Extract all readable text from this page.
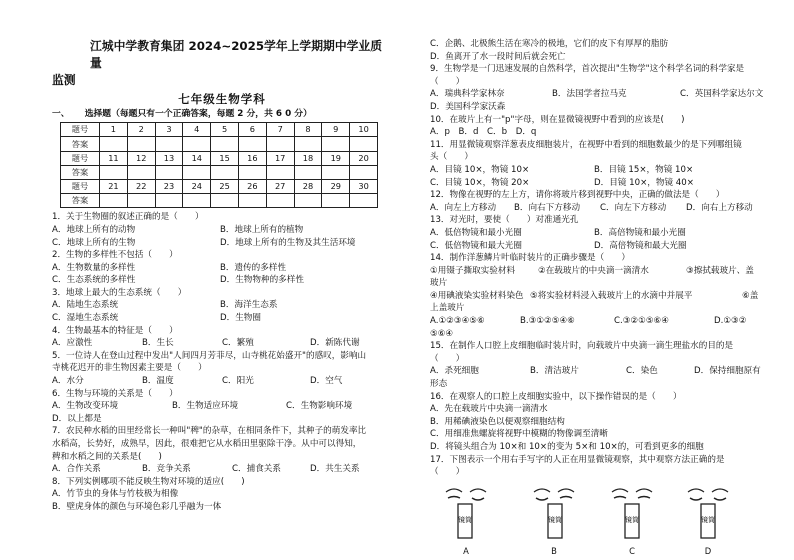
江城中学教育集团 2024~2025学年上学期期中学业质量
监测
七年级生物学科
一、 选择题（每题只有一个正确答案，每题 2 分，共 6 0 分）
题号	1	2	3	4	5	6	7	8	9	10
答案										
题号	11	12	13	14	15	16	17	18	19	20
答案										
题号	21	22	23	24	25	26	27	28	29	30
答案										
1．关于生物圈的叙述正确的是（　　）
A．地球上所有的动物	B．地球上所有的植物
C．地球上所有的生物	D．地球上所有的生物及其生活环境
2．生物的多样性不包括（　　）
A．生物数量的多样性	B．遗传的多样性
C．生态系统的多样性	D．生物物种的多样性
3．地球上最大的生态系统（　　）
A．陆地生态系统	B．海洋生态系
C．湿地生态系统	D．生物圈
4．生物最基本的特征是（　　）
A．应激性	B．生长	C．繁殖	D．新陈代谢
5．一位诗人在登山过程中发出"人间四月芳菲尽，山寺桃花始盛开"的感叹，影响山
寺桃花迟开的非生物因素主要是（　　）
A．水分	B．温度	C．阳光	D．空气
6．生物与环境的关系是（　　）
A．生物改变环境	B．生物适应环境	C．生物影响环境
D．以上都是
7．农民种水稻的田里经常长一种叫"稗"的杂草，在相同条件下，其种子的萌发率比
水稻高，长势好，成熟早，因此，很难把它从水稻田里驱除干净。从中可以得知，
稗和水稻之间的关系是(　　)
A．合作关系	B．竞争关系	C．捕食关系	D．共生关系
8．下列实例哪项不能反映生物对环境的适应(　　)
A．竹节虫的身体与竹枝极为相像
B．壁虎身体的颜色与环境色彩几乎融为一体
C．企鹅、北极熊生活在寒冷的极地，它们的皮下有厚厚的脂肪
D．鱼离开了水一段时间后就会死亡
9．生物学是一门迅速发展的自然科学，首次提出"生物学"这个科学名词的科学家是
（　　）
A．瑞典科学家林奈	B．法国学者拉马克	C．英国科学家达尔文
D．美国科学家沃森
10．在玻片上有一"p"字母，则在显微镜视野中看到的应该是(　　)
A．p　B．d　C．b　D．q
11．用显微镜观察洋葱表皮细胞装片，在视野中看到的细胞数最少的是下列哪组镜
头（　　）
A．目镜 10×，物镜 10×	B．目镜 15×，物镜 10×
C．目镜 10×，物镜 20×	D．目镜 10×，物镜 40×
12．物像在视野的左上方，请你将玻片移到视野中央，正确的做法是（　　）
A．向左上方移动 B．向右下方移动 C．向左下方移动 D．向右上方移动
13．对光时，要使（　　）对准通光孔
A．低倍物镜和最小光圈	B．高倍物镜和最小光圈
C．低倍物镜和最大光圈	D．高倍物镜和最大光圈
14．制作洋葱鳞片叶临时装片的正确步骤是（　　）
①用镊子撕取实验材料	②在载玻片的中央滴一滴清水	③擦拭载玻片、盖
玻片
④用碘液染实验材料染色 ⑤将实验材料浸入载玻片上的水滴中并展平	⑥盖
上盖玻片
A.①②③④⑤⑥	B.③①②⑤④⑥	C.③②①⑤⑥④	D.①③②
⑤⑥④
15．在制作人口腔上皮细胞临时装片时，向载玻片中央滴一滴生理盐水的目的是
（　　）
A．杀死细胞	B．清洁玻片	C．染色	D．保持细胞原有
形态
16．在观察人的口腔上皮细胞实验中，以下操作错误的是（　　）
A．先在载玻片中央滴一滴清水
B．用稀碘液染色以便观察细胞结构
C．用细准焦螺旋将视野中模糊的物像调至清晰
D．将镜头组合为 10×和 10×的变为 5×和 10×的，可看到更多的细胞
17．下图表示一个用右手写字的人正在用显微镜观察，其中观察方法正确的是
（　　）
镜筒
A
镜筒
B
镜筒
C
镜筒
D
